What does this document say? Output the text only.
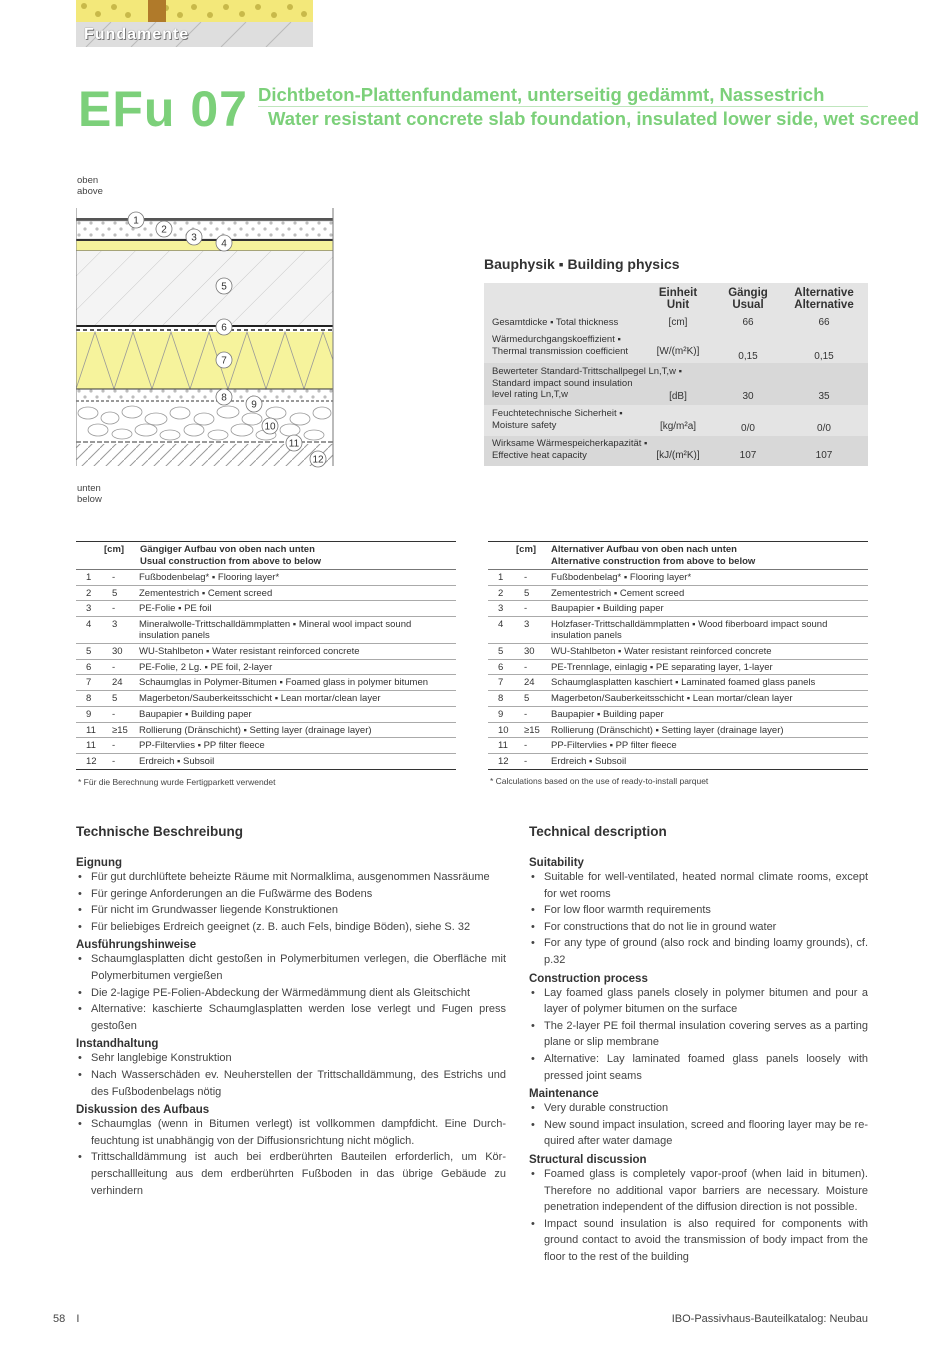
Fundamente
EFu 07 Dichtbeton-Plattenfundament, unterseitig gedämmt, Nassestrich
Water resistant concrete slab foundation, insulated lower side, wet screed
oben
above
1
2
3
4
5
6
7
8
9
10
11
12
unten
below
Bauphysik ▪ Building physics
Einheit
Unit
Gängig
Usual
Alternative
Alternative
Gesamtdicke ▪ Total thickness	[cm]	66	66
Wärmedurchgangskoeffizient ▪
Thermal transmission coefficient	[W/(m²K)]	0,15	0,15
Bewerteter Standard-Trittschallpegel Ln,T,w ▪
Standard impact sound insulation
level rating Ln,T,w	[dB]	30	35
Feuchtetechnische Sicherheit ▪
Moisture safety	[kg/m²a]	0/0	0/0
Wirksame Wärmespeicherkapazität ▪
Effective heat capacity	[kJ/(m²K)]	107	107
[cm] Gängiger Aufbau von oben nach unten
Usual construction from above to below
1 -	Fußbodenbelag* ▪ Flooring layer*
2 5 Zementestrich ▪ Cement screed
3 -	PE-Folie ▪ PE foil
4 3 Mineralwolle-Trittschalldämmplatten ▪ Mineral wool impact sound insulation panels
5 30 WU-Stahlbeton ▪ Water resistant reinforced concrete
6 -	PE-Folie, 2 Lg. ▪ PE foil, 2-layer
7 24 Schaumglas in Polymer-Bitumen ▪ Foamed glass in polymer bitumen
8 5 Magerbeton/Sauberkeitsschicht ▪ Lean mortar/clean layer
9 -	Baupapier ▪ Building paper
11 ≥15 Rollierung (Dränschicht) ▪ Setting layer (drainage layer)
11 -	PP-Filtervlies ▪ PP filter fleece
12 -	Erdreich ▪ Subsoil
* Für die Berechnung wurde Fertigparkett verwendet
[cm] Alternativer Aufbau von oben nach unten
Alternative construction from above to below
1 -	Fußbodenbelag* ▪ Flooring layer*
2 5 Zementestrich ▪ Cement screed
3 -	Baupapier ▪ Building paper
4 3 Holzfaser-Trittschalldämmplatten ▪ Wood fiberboard impact sound insulation panels
5 30 WU-Stahlbeton ▪ Water resistant reinforced concrete
6 -	PE-Trennlage, einlagig ▪ PE separating layer, 1-layer
7 24 Schaumglasplatten kaschiert ▪ Laminated foamed glass panels
8 5 Magerbeton/Sauberkeitsschicht ▪ Lean mortar/clean layer
9 -	Baupapier ▪ Building paper
10 ≥15 Rollierung (Dränschicht) ▪ Setting layer (drainage layer)
11 -	PP-Filtervlies ▪ PP filter fleece
12 -	Erdreich ▪ Subsoil
* Calculations based on the use of ready-to-install parquet
Technische Beschreibung
Eignung
• Für gut durchlüftete beheizte Räume mit Normalklima, ausgenommen Nassräume
• Für geringe Anforderungen an die Fußwärme des Bodens
• Für nicht im Grundwasser liegende Konstruktionen
• Für beliebiges Erdreich geeignet (z. B. auch Fels, bindige Böden), siehe S. 32
Ausführungshinweise
• Schaumglasplatten dicht gestoßen in Polymerbitumen verlegen, die Oberfläche mit Polymerbitumen vergießen
• Die 2-lagige PE-Folien-Abdeckung der Wärmedämmung dient als Gleitschicht
• Alternative: kaschierte Schaumglasplatten werden lose verlegt und Fugen press gestoßen
Instandhaltung
• Sehr langlebige Konstruktion
• Nach Wasserschäden ev. Neuherstellen der Trittschalldämmung, des Estrichs und des Fußbodenbelags nötig
Diskussion des Aufbaus
• Schaumglas (wenn in Bitumen verlegt) ist vollkommen dampfdicht. Eine Durchfeuchtung ist unabhängig von der Diffusionsrichtung nicht möglich.
• Trittschalldämmung ist auch bei erdberührten Bauteilen erforderlich, um Körperschallleitung aus dem erdberührten Fußboden in das übrige Gebäude zu verhindern
Technical description
Suitability
• Suitable for well-ventilated, heated normal climate rooms, except for wet rooms
• For low floor warmth requirements
• For constructions that do not lie in ground water
• For any type of ground (also rock and binding loamy grounds), cf. p.32
Construction process
• Lay foamed glass panels closely in polymer bitumen and pour a layer of polymer bitumen on the surface
• The 2-layer PE foil thermal insulation covering serves as a parting plane or slip membrane
• Alternative: Lay laminated foamed glass panels loosely with pressed joint seams
Maintenance
• Very durable construction
• New sound impact insulation, screed and flooring layer may be required after water damage
Structural discussion
• Foamed glass is completely vapor-proof (when laid in bitumen). Therefore no additional vapor barriers are necessary. Moisture penetration independent of the diffusion direction is not possible.
• Impact sound insulation is also required for components with ground contact to avoid the transmission of body impact from the floor to the rest of the building
58 I	IBO-Passivhaus-Bauteilkatalog: Neubau
